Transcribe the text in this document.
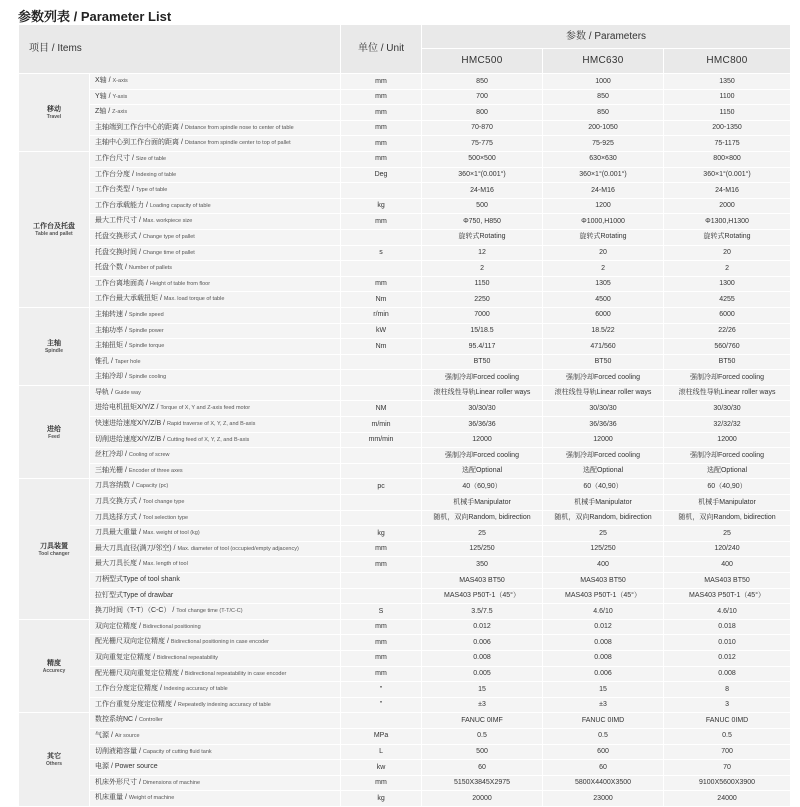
参数列表 / Parameter List
项目 / Items		单位 / Unit	参数 / Parameters		
			HMC500	HMC630	HMC800

移动
Travel	X轴 / X-axis	mm	850	1000	1350
	Y轴 / Y-axis	mm	700	850	1100
	Z轴 / Z-axis	mm	800	850	1150
	主轴端到工作台中心的距离 / Distance from spindle nose to center of table	mm	70-870	200-1050	200-1350
	主轴中心到工作台面的距离 / Distance from spindle center to top of pallet	mm	75-775	75-925	75-1175

工作台及托盘
Table and pallet	工作台尺寸 / Size of table	mm	500×500	630×630	800×800
	工作台分度 / Indexing of table	Deg	360×1°(0.001°)	360×1°(0.001°)	360×1°(0.001°)
	工作台类型 / Type of table		24-M16	24-M16	24-M16
	工作台承载能力 / Loading capacity of table	kg	500	1200	2000
	最大工件尺寸 / Max. workpiece size	mm	Φ750, H850	Φ1000,H1000	Φ1300,H1300
	托盘交换形式 / Change type of pallet		旋转式Rotating	旋转式Rotating	旋转式Rotating
	托盘交换时间 / Change time of pallet	s	12	20	20
	托盘个数 / Number of pallets		2	2	2
	工作台离地面高 / Height of table from floor	mm	1150	1305	1300
	工作台最大承载扭矩 / Max. load torque of table	Nm	2250	4500	4255

主轴
Spindle	主轴转速 / Spindle speed	r/min	7000	6000	6000
	主轴功率 / Spindle power	kW	15/18.5	18.5/22	22/26
	主轴扭矩 / Spindle torque	Nm	95.4/117	471/560	560/760
	锥孔 / Taper hole		BT50	BT50	BT50
	主轴冷却 / Spindle cooling		强制冷却Forced cooling	强制冷却Forced cooling	强制冷却Forced cooling

进给
Feed	导轨 / Guide way		滚柱线性导轨Linear roller ways	滚柱线性导轨Linear roller ways	滚柱线性导轨Linear roller ways
	进给电机扭矩X/Y/Z / Torque of X, Y and Z-axis feed motor	NM	30/30/30	30/30/30	30/30/30
	快速进给速度X/Y/Z/B / Rapid traverse of X, Y, Z, and B-axis	m/min	36/36/36	36/36/36	32/32/32
	切削进给速度X/Y/Z/B / Cutting feed of X, Y, Z, and B-axis	mm/min	12000	12000	12000
	丝杠冷却 / Cooling of screw		强制冷却Forced cooling	强制冷却Forced cooling	强制冷却Forced cooling
	三轴光栅 / Encoder of three axes		选配Optional	选配Optional	选配Optional

刀具装置
Tool changer	刀具容纳数 / Capacity (pc)	pc	40（60,90）	60（40,90）	60（40,90）
	刀具交换方式 / Tool change type		机械手Manipulator	机械手Manipulator	机械手Manipulator
	刀具选择方式 / Tool selection type		随机，双向Random, bidirection	随机，双向Random, bidirection	随机，双向Random, bidirection
	刀具最大重量 / Max. weight of tool (kg)	kg	25	25	25
	最大刀具直径(满刀/邻空) / Max. diameter of tool (occupied/empty adjacency)	mm	125/250	125/250	120/240
	最大刀具长度 / Max. length of tool	mm	350	400	400
	刀柄型式Type of tool shank		MAS403 BT50	MAS403 BT50	MAS403 BT50
	拉钉型式Type of drawbar		MAS403 P50T-1（45°）	MAS403 P50T-1（45°）	MAS403 P50T-1（45°）
	换刀时间（T-T）（C-C） / Tool change time (T-T/C-C)	S	3.5/7.5	4.6/10	4.6/10

精度
Accurecy	双向定位精度 / Bidirectional positioning	mm	0.012	0.012	0.018
	配光栅尺双向定位精度 / Bidirectional positioning in case encoder	mm	0.006	0.008	0.010
	双向重复定位精度 / Bidirectional repeatability	mm	0.008	0.008	0.012
	配光栅尺双向重复定位精度 / Bidirectional repeatability in case encoder	mm	0.005	0.006	0.008
	工作台分度定位精度 / Indexing accuracy of table	"	15	15	8
	工作台重复分度定位精度 / Repeatedly indexing accuracy of table	"	±3	±3	3

其它
Others	数控系统NC / Controller		FANUC 0IMF	FANUC 0IMD	FANUC 0IMD
	气源 / Air source	MPa	0.5	0.5	0.5
	切削液箱容量 / Capacity of cutting fluid tank	L	500	600	700
	电源 / Power source	kw	60	60	70
	机床外形尺寸 / Dimensions of machine	mm	5150X3845X2975	5800X4400X3500	9100X5600X3900
	机床重量 / Weight of machine	kg	20000	23000	24000
